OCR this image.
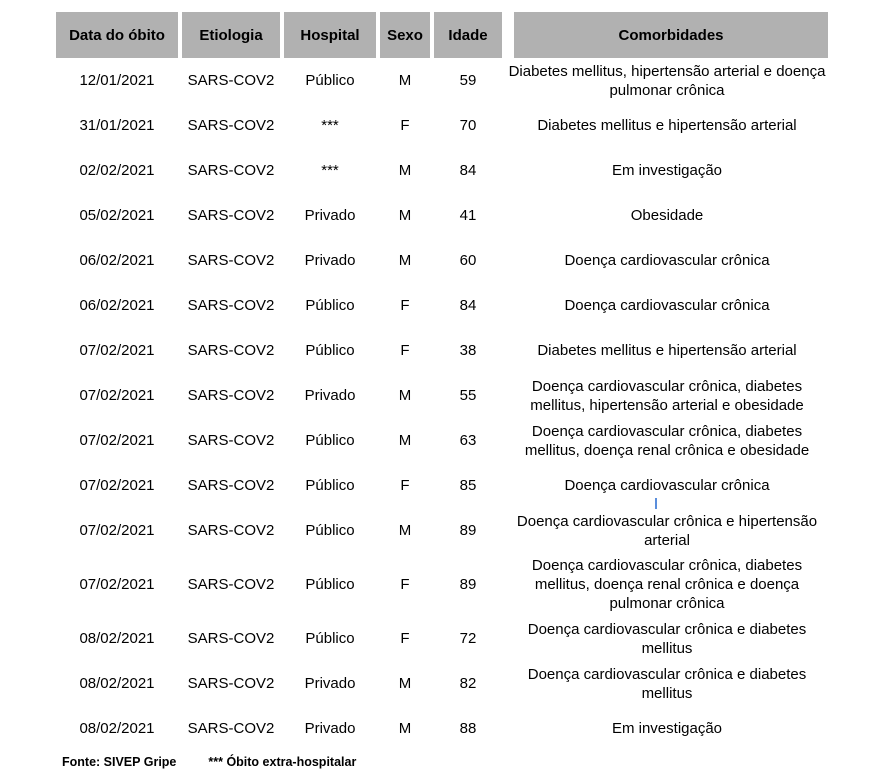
Data do óbito	Etiologia	Hospital	Sexo	Idade	Comorbidades
12/01/2021	SARS-COV2	Público	M	59	Diabetes mellitus, hipertensão arterial e doença pulmonar crônica
31/01/2021	SARS-COV2	***	F	70	Diabetes mellitus e hipertensão arterial
02/02/2021	SARS-COV2	***	M	84	Em investigação
05/02/2021	SARS-COV2	Privado	M	41	Obesidade
06/02/2021	SARS-COV2	Privado	M	60	Doença cardiovascular crônica
06/02/2021	SARS-COV2	Público	F	84	Doença cardiovascular crônica
07/02/2021	SARS-COV2	Público	F	38	Diabetes mellitus e hipertensão arterial
07/02/2021	SARS-COV2	Privado	M	55	Doença cardiovascular crônica, diabetes mellitus, hipertensão arterial e obesidade
07/02/2021	SARS-COV2	Público	M	63	Doença cardiovascular crônica, diabetes mellitus, doença renal crônica e obesidade
07/02/2021	SARS-COV2	Público	F	85	Doença cardiovascular crônica
07/02/2021	SARS-COV2	Público	M	89	Doença cardiovascular crônica e hipertensão arterial
07/02/2021	SARS-COV2	Público	F	89	Doença cardiovascular crônica, diabetes mellitus, doença renal crônica e doença pulmonar crônica
08/02/2021	SARS-COV2	Público	F	72	Doença cardiovascular crônica e diabetes mellitus
08/02/2021	SARS-COV2	Privado	M	82	Doença cardiovascular crônica e diabetes mellitus
08/02/2021	SARS-COV2	Privado	M	88	Em investigação
Fonte: SIVEP Gripe	*** Óbito extra-hospitalar
